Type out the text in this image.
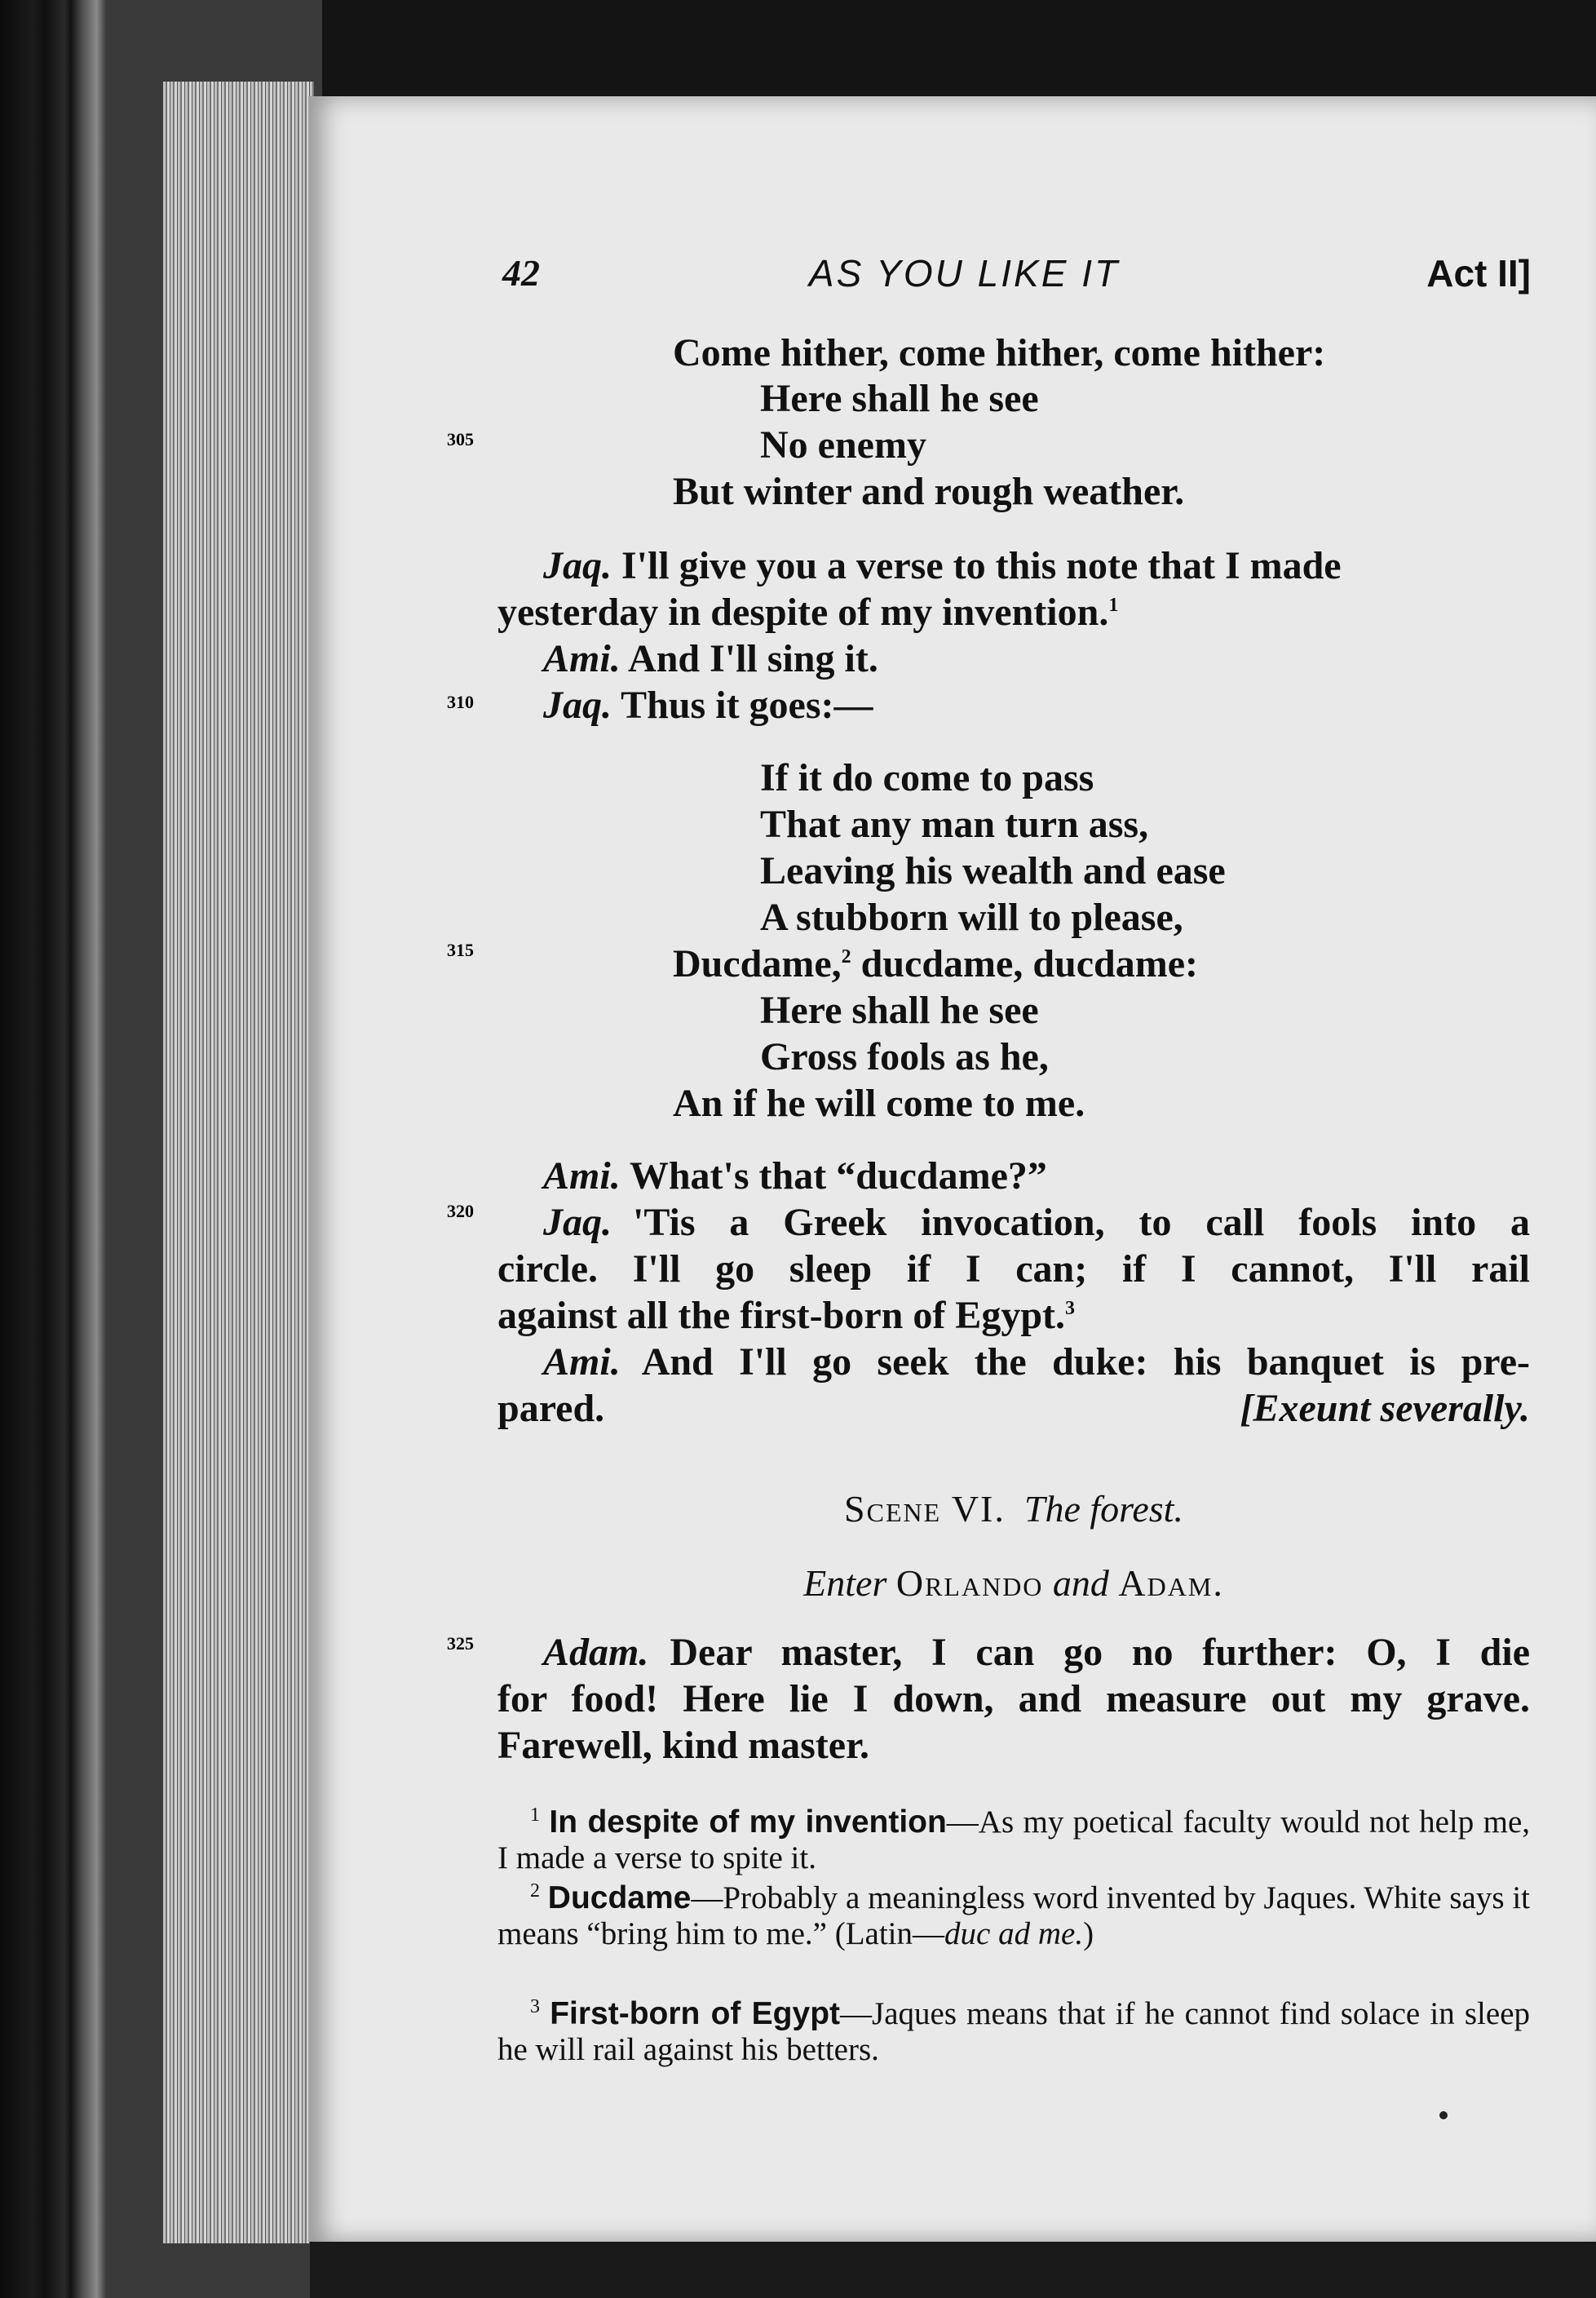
42	AS YOU LIKE IT	Act II]
305
310
315
320
325
Come hither, come hither, come hither:
Here shall he see
No enemy
But winter and rough weather.
Jaq. I'll give you a verse to this note that I made
yesterday in despite of my invention.$^1$
Ami. And I'll sing it.
Jaq. Thus it goes:—
If it do come to pass
That any man turn ass,
Leaving his wealth and ease
A stubborn will to please,
Ducdame,$^2$ ducdame, ducdame:
Here shall he see
Gross fools as he,
An if he will come to me.
Ami. What's that “ducdame?”
Jaq. 'Tis a Greek invocation, to call fools into a
circle. I'll go sleep if I can; if I cannot, I'll rail
against all the first-born of Egypt.$^3$
Ami. And I'll go seek the duke: his banquet is pre-
pared.	[Exeunt severally.
Scene VI. The forest.
Enter Orlando and Adam.
Adam. Dear master, I can go no further: O, I die
for food! Here lie I down, and measure out my grave.
Farewell, kind master.
$^1$ In despite of my invention—As my poetical faculty would not help me, I made a verse to spite it.
$^2$ Ducdame—Probably a meaningless word invented by Jaques. White says it means “bring him to me.” (Latin—duc ad me.)
$^3$ First-born of Egypt—Jaques means that if he cannot find solace in sleep he will rail against his betters.
